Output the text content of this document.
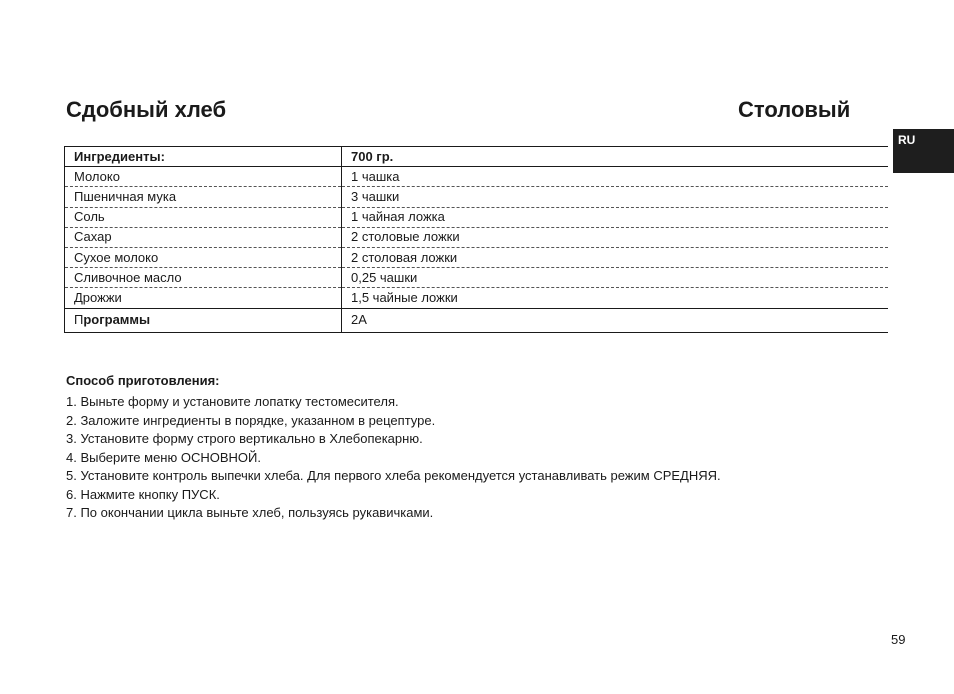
Сдобный хлеб	Столовый
RU
Ингредиенты:	700 гр.
Молоко	1 чашка
Пшеничная мука	3 чашки
Соль	1 чайная ложка
Сахар	2 столовые ложки
Сухое молоко	2 столовая ложки
Сливочное масло	0,25 чашки
Дрожжи	1,5 чайные ложки
Программы	2A
Способ приготовления:
1. Выньте форму и установите лопатку тестомесителя.
2. Заложите ингредиенты в порядке, указанном в рецептуре.
3. Установите форму строго вертикально в Хлебопекарню.
4. Выберите меню ОСНОВНОЙ.
5. Установите контроль выпечки хлеба. Для первого хлеба рекомендуется устанавливать режим СРЕДНЯЯ.
6. Нажмите кнопку ПУСК.
7. По окончании цикла выньте хлеб, пользуясь рукавичками.
59
